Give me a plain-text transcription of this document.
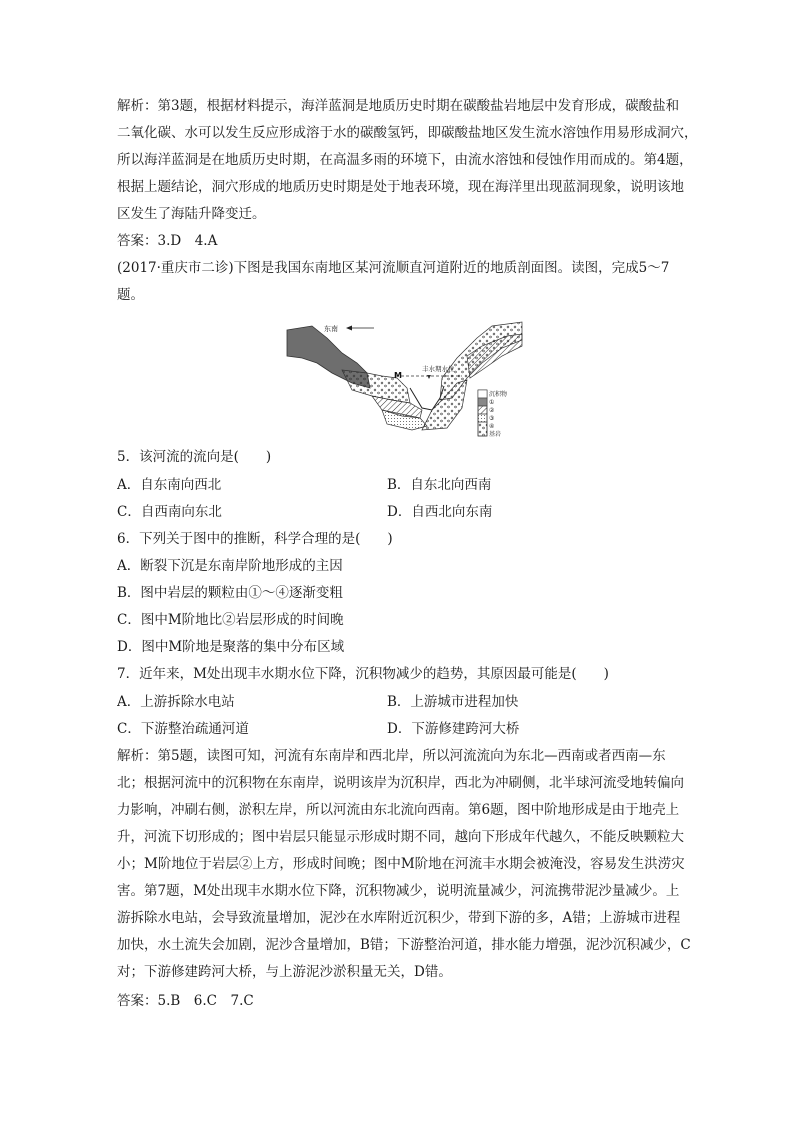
解析：第3题，根据材料提示，海洋蓝洞是地质历史时期在碳酸盐岩地层中发育形成，碳酸盐和
二氧化碳、水可以发生反应形成溶于水的碳酸氢钙，即碳酸盐地区发生流水溶蚀作用易形成洞穴，
所以海洋蓝洞是在地质历史时期，在高温多雨的环境下，由流水溶蚀和侵蚀作用而成的。第4题，
根据上题结论，洞穴形成的地质历史时期是处于地表环境，现在海洋里出现蓝洞现象，说明该地
区发生了海陆升降变迁。
答案：3.D　4.A
(2017·重庆市二诊)下图是我国东南地区某河流顺直河道附近的地质剖面图。读图，完成5～7
题。
东南
M
丰水期水位
沉积物
①
②
③
④
基岩
5．该河流的流向是(　　)
A．自东南向西北	B．自东北向西南
C．自西南向东北	D．自西北向东南
6．下列关于图中的推断，科学合理的是(　　)
A．断裂下沉是东南岸阶地形成的主因
B．图中岩层的颗粒由①～④逐渐变粗
C．图中M阶地比②岩层形成的时间晚
D．图中M阶地是聚落的集中分布区域
7．近年来，M处出现丰水期水位下降，沉积物减少的趋势，其原因最可能是(　　)
A．上游拆除水电站	B．上游城市进程加快
C．下游整治疏通河道	D．下游修建跨河大桥
解析：第5题，读图可知，河流有东南岸和西北岸，所以河流流向为东北—西南或者西南—东
北；根据河流中的沉积物在东南岸，说明该岸为沉积岸，西北为冲刷侧，北半球河流受地转偏向
力影响，冲刷右侧，淤积左岸，所以河流由东北流向西南。第6题，图中阶地形成是由于地壳上
升，河流下切形成的；图中岩层只能显示形成时期不同，越向下形成年代越久，不能反映颗粒大
小；M阶地位于岩层②上方，形成时间晚；图中M阶地在河流丰水期会被淹没，容易发生洪涝灾
害。第7题，M处出现丰水期水位下降，沉积物减少，说明流量减少，河流携带泥沙量减少。上
游拆除水电站，会导致流量增加，泥沙在水库附近沉积少，带到下游的多，A错；上游城市进程
加快，水土流失会加剧，泥沙含量增加，B错；下游整治河道，排水能力增强，泥沙沉积减少，C
对；下游修建跨河大桥，与上游泥沙淤积量无关，D错。
答案：5.B　6.C　7.C
